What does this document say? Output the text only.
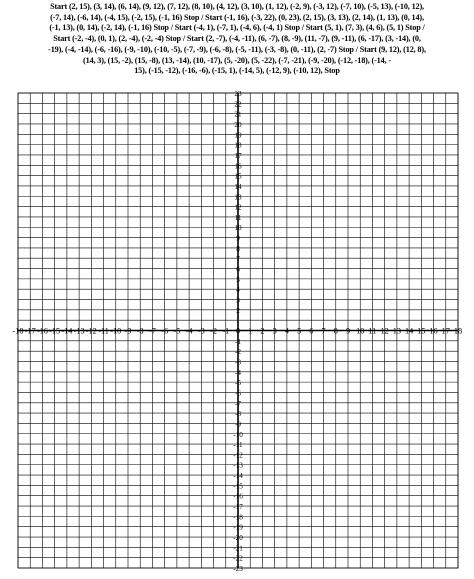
Start (2, 15), (3, 14), (6, 14), (9, 12), (7, 12), (8, 10), (4, 12), (3, 10), (1, 12), (-2, 9), (-3, 12), (-7, 10), (-5, 13), (-10, 12),
(-7, 14), (-6, 14), (-4, 15), (-2, 15), (-1, 16) Stop / Start (-1, 16), (-3, 22), (0, 23), (2, 15), (3, 13), (2, 14), (1, 13), (0, 14),
(-1, 13), (0, 14), (-2, 14), (-1, 16) Stop / Start (-4, 1), (-7, 1), (-4, 6), (-4, 1) Stop / Start (5, 1), (7, 3), (4, 6), (5, 1) Stop /
Start (-2, -4), (0, 1), (2, -4), (-2, -4) Stop / Start (2, -7), (-4, -11), (6, -7), (8, -9), (11, -7), (9, -11), (6, -17), (3, -14), (0,
-19), (-4, -14), (-6, -16), (-9, -10), (-10, -5), (-7, -9), (-6, -8), (-5, -11), (-3, -8), (0, -11), (2, -7) Stop / Start (9, 12), (12, 8),
(14, 3), (15, -2), (15, -8), (13, -14), (10, -17), (5, -20), (5, -22), (-7, -21), (-9, -20), (-12, -18), (-14, -
15), (-15, -12), (-16, -6), (-15, 1), (-14, 5), (-12, 9), (-10, 12), Stop
-18 -17 -16 -15 -14 -13 -12 -11 -10 -9 -8 -7 -6 -5 -4 -3 -2 -1 0 1 2 3 4 5 6 7 8 9 10 11 12 13 14 15 16 17 18
23
22
21
20
19
18
17
16
15
14
13
12
11
10
9
8
7
6
5
4
3
2
1
-1
-2
-3
-4
-5
-6
-7
-8
-9
-10
-11
-12
-13
-14
-15
-16
-17
-18
-19
-20
-21
-22
-23
